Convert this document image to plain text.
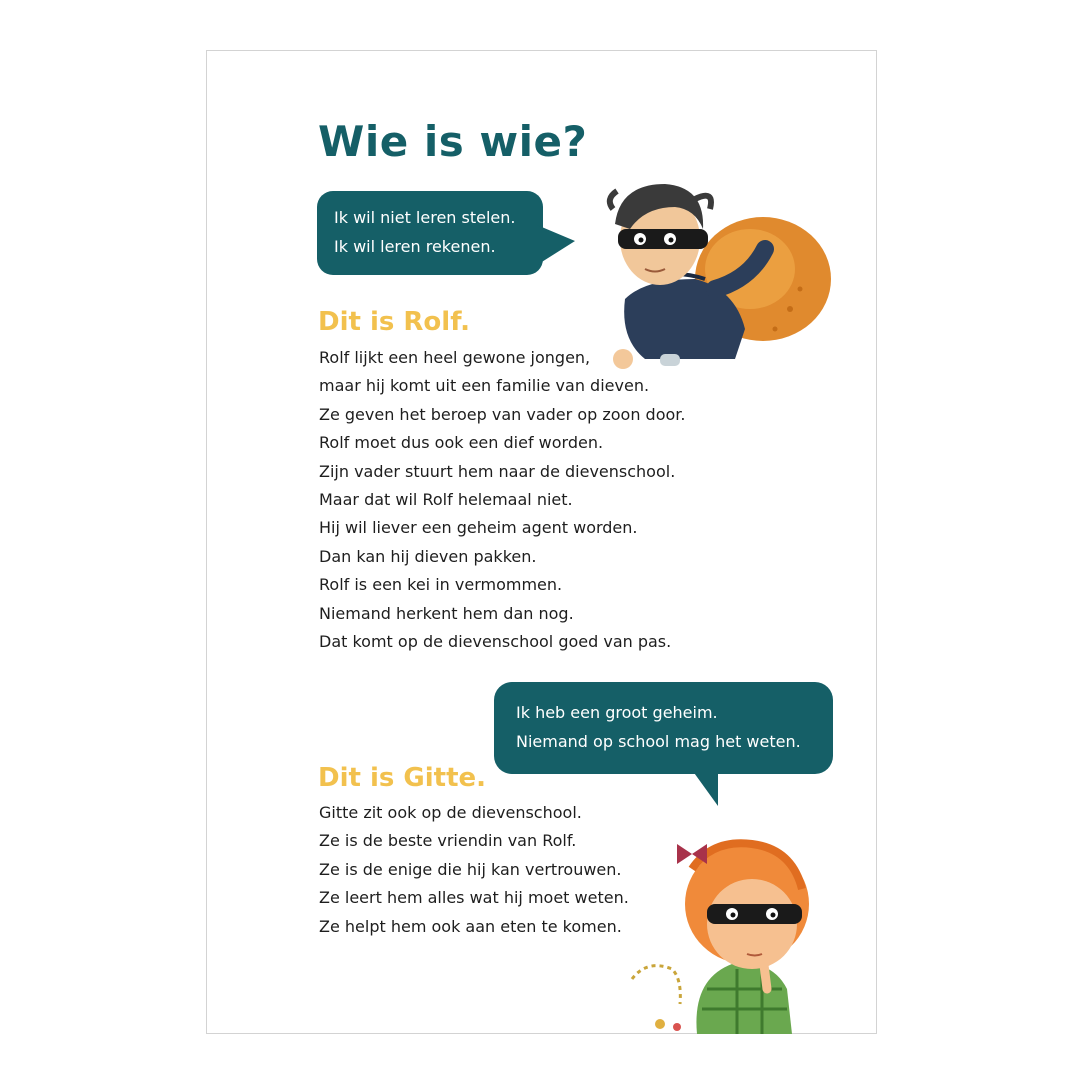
Wie is wie?
Ik wil niet leren stelen.
Ik wil leren rekenen.
Dit is Rolf.
Rolf lijkt een heel gewone jongen,
maar hij komt uit een familie van dieven.
Ze geven het beroep van vader op zoon door.
Rolf moet dus ook een dief worden.
Zijn vader stuurt hem naar de dievenschool.
Maar dat wil Rolf helemaal niet.
Hij wil liever een geheim agent worden.
Dan kan hij dieven pakken.
Rolf is een kei in vermommen.
Niemand herkent hem dan nog.
Dat komt op de dievenschool goed van pas.
Ik heb een groot geheim.
Niemand op school mag het weten.
Dit is Gitte.
Gitte zit ook op de dievenschool.
Ze is de beste vriendin van Rolf.
Ze is de enige die hij kan vertrouwen.
Ze leert hem alles wat hij moet weten.
Ze helpt hem ook aan eten te komen.
